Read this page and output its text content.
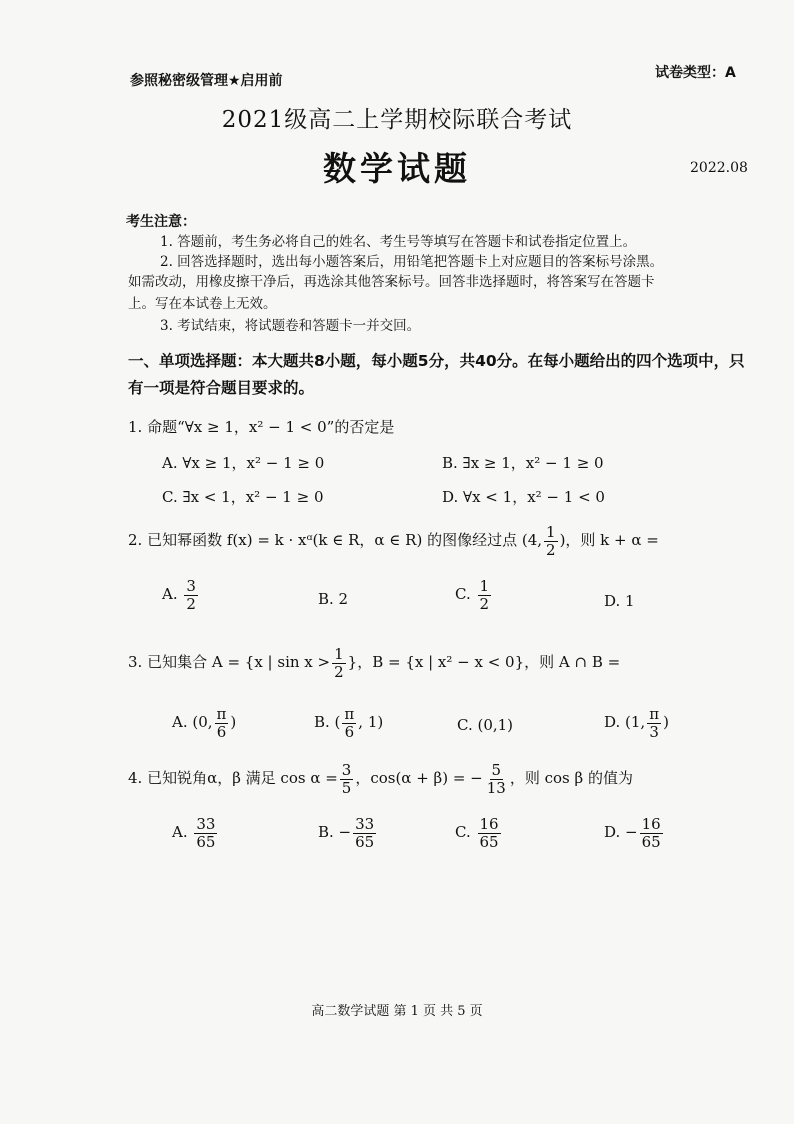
参照秘密级管理★启用前	试卷类型：A
2021级高二上学期校际联合考试
数学试题	2022.08
考生注意：
1. 答题前，考生务必将自己的姓名、考生号等填写在答题卡和试卷指定位置上。
2. 回答选择题时，选出每小题答案后，用铅笔把答题卡上对应题目的答案标号涂黑。
如需改动，用橡皮擦干净后，再选涂其他答案标号。回答非选择题时，将答案写在答题卡
上。写在本试卷上无效。
3. 考试结束，将试题卷和答题卡一并交回。
一、单项选择题：本大题共8小题，每小题5分，共40分。在每小题给出的四个选项中，只有一项是符合题目要求的。
1. 命题“∀x ≥ 1，x² − 1 < 0”的否定是
A. ∀x ≥ 1，x² − 1 ≥ 0	B. ∃x ≥ 1，x² − 1 ≥ 0
C. ∃x < 1，x² − 1 ≥ 0	D. ∀x < 1，x² − 1 < 0
2. 已知幂函数 f(x) = k · xᵅ(k ∈ R，α ∈ R) 的图像经过点 (4, $\frac{1}{2}$ )，则 k + α =
A. $\frac{3}{2}$	B. 2	C. $\frac{1}{2}$	D. 1
3. 已知集合 A = {x | $\sin x > \frac{1}{2}$ }，B = {x | x² − x < 0}，则 A ∩ B =
A. (0, $\frac{\pi}{6}$ )	B. ( $\frac{\pi}{6}$ , 1)	C. (0,1)	D. (1, $\frac{\pi}{3}$ )
4. 已知锐角α，β 满足 $\cos \alpha = \frac{3}{5}$ ，cos(α + β) = − $\frac{5}{13}$ ，则 cos β 的值为
A. $\frac{33}{65}$	B. − $\frac{33}{65}$	C. $\frac{16}{65}$	D. − $\frac{16}{65}$
高二数学试题 第 1 页 共 5 页
